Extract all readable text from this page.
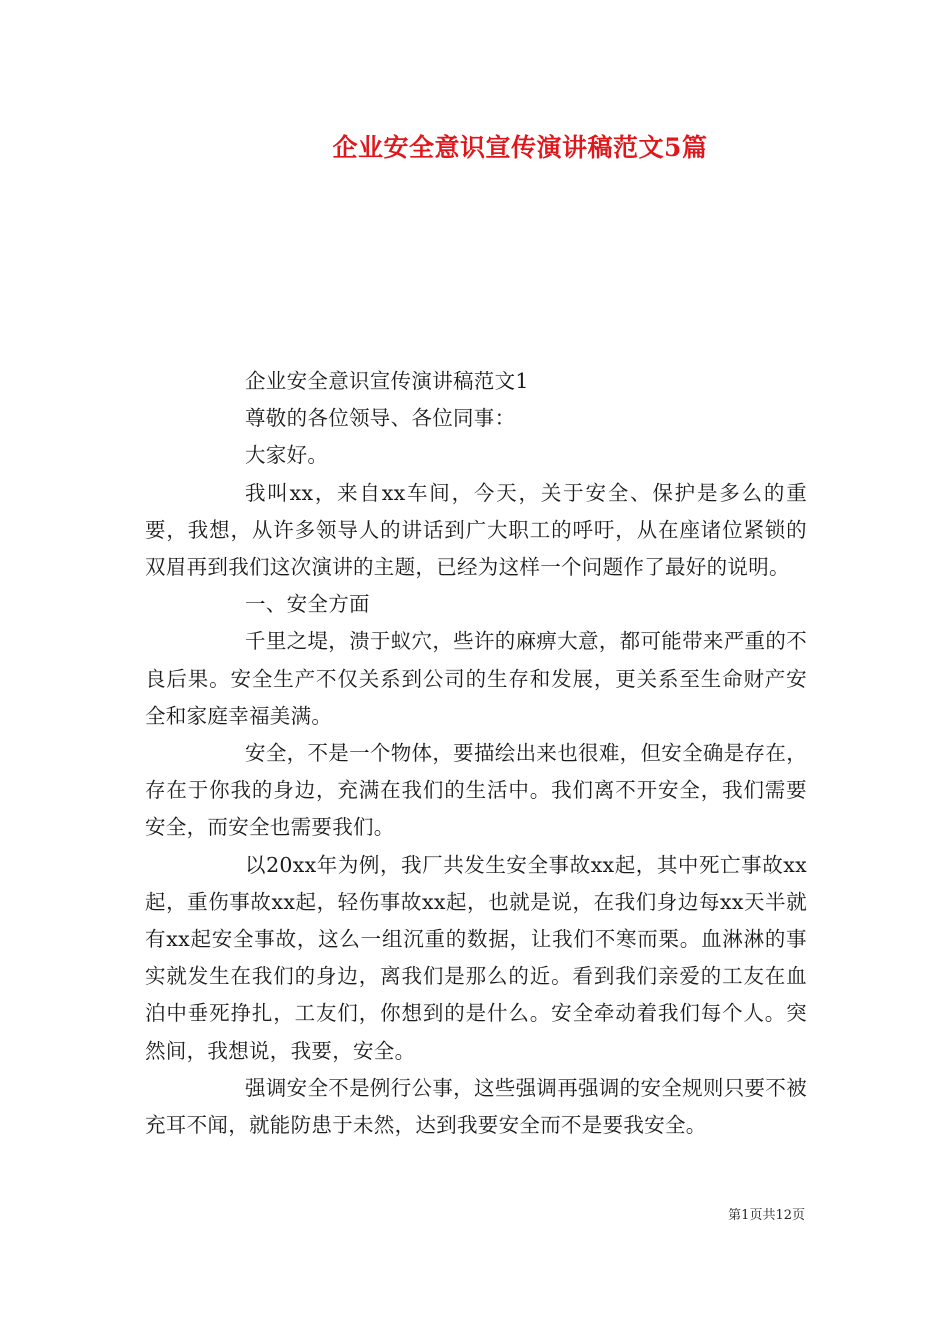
企业安全意识宣传演讲稿范文5篇

企业安全意识宣传演讲稿范文1

尊敬的各位领导、各位同事：

大家好。

我叫xx，来自xx车间，今天，关于安全、保护是多么的重要，我想，从许多领导人的讲话到广大职工的呼吁，从在座诸位紧锁的双眉再到我们这次演讲的主题，已经为这样一个问题作了最好的说明。

一、安全方面

千里之堤，溃于蚁穴，些许的麻痹大意，都可能带来严重的不良后果。安全生产不仅关系到公司的生存和发展，更关系至生命财产安全和家庭幸福美满。

安全，不是一个物体，要描绘出来也很难，但安全确是存在，存在于你我的身边，充满在我们的生活中。我们离不开安全，我们需要安全，而安全也需要我们。

以20xx年为例，我厂共发生安全事故xx起，其中死亡事故xx起，重伤事故xx起，轻伤事故xx起，也就是说，在我们身边每xx天半就有xx起安全事故，这么一组沉重的数据，让我们不寒而栗。血淋淋的事实就发生在我们的身边，离我们是那么的近。看到我们亲爱的工友在血泊中垂死挣扎，工友们，你想到的是什么。安全牵动着我们每个人。突然间，我想说，我要，安全。

强调安全不是例行公事，这些强调再强调的安全规则只要不被充耳不闻，就能防患于未然，达到我要安全而不是要我安全。

第1页共12页
